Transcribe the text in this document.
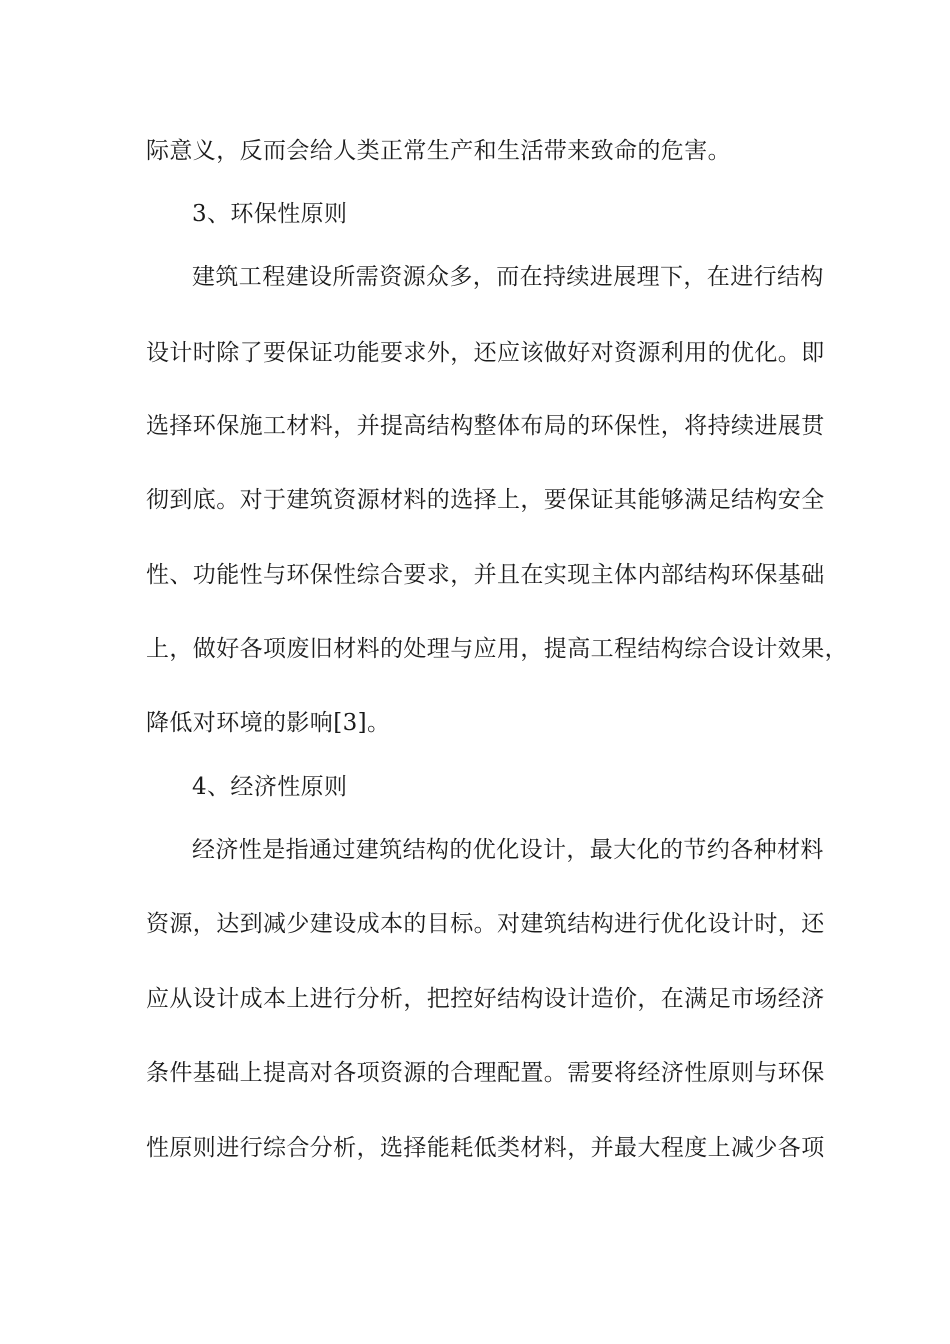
际意义，反而会给人类正常生产和生活带来致命的危害。
3、环保性原则
建筑工程建设所需资源众多，而在持续进展理下，在进行结构
设计时除了要保证功能要求外，还应该做好对资源利用的优化。即
选择环保施工材料，并提高结构整体布局的环保性，将持续进展贯
彻到底。对于建筑资源材料的选择上，要保证其能够满足结构安全
性、功能性与环保性综合要求，并且在实现主体内部结构环保基础
上，做好各项废旧材料的处理与应用，提高工程结构综合设计效果，
降低对环境的影响[3]。
4、经济性原则
经济性是指通过建筑结构的优化设计，最大化的节约各种材料
资源，达到减少建设成本的目标。对建筑结构进行优化设计时，还
应从设计成本上进行分析，把控好结构设计造价，在满足市场经济
条件基础上提高对各项资源的合理配置。需要将经济性原则与环保
性原则进行综合分析，选择能耗低类材料，并最大程度上减少各项
